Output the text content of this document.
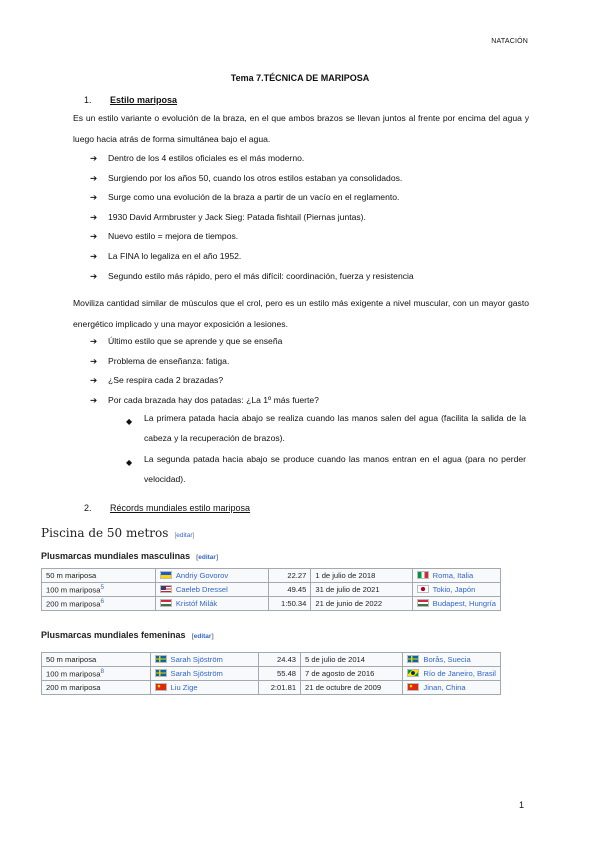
NATACIÓN
Tema 7.TÉCNICA DE MARIPOSA
1. Estilo mariposa
Es un estilo variante o evolución de la braza, en el que ambos brazos se llevan juntos al frente por encima del agua y luego hacia atrás de forma simultánea bajo el agua.
➔ Dentro de los 4 estilos oficiales es el más moderno.
➔ Surgiendo por los años 50, cuando los otros estilos estaban ya consolidados.
➔ Surge como una evolución de la braza a partir de un vacío en el reglamento.
➔ 1930 David Armbruster y Jack Sieg: Patada fishtail (Piernas juntas).
➔ Nuevo estilo = mejora de tiempos.
➔ La FINA lo legaliza en el año 1952.
➔ Segundo estilo más rápido, pero el más difícil: coordinación, fuerza y resistencia
Moviliza cantidad similar de músculos que el crol, pero es un estilo más exigente a nivel muscular, con un mayor gasto energético implicado y una mayor exposición a lesiones.
➔ Último estilo que se aprende y que se enseña
➔ Problema de enseñanza: fatiga.
➔ ¿Se respira cada 2 brazadas?
➔ Por cada brazada hay dos patadas: ¿La 1º más fuerte?
◆ La primera patada hacia abajo se realiza cuando las manos salen del agua (facilita la salida de la cabeza y la recuperación de brazos).
◆ La segunda patada hacia abajo se produce cuando las manos entran en el agua (para no perder velocidad).
2. Récords mundiales estilo mariposa
Piscina de 50 metros [editar]
Plusmarcas mundiales masculinas [editar]
50 m mariposa	Andriy Govorov	22.27	1 de julio de 2018	Roma, Italia
100 m mariposa$^5$	Caeleb Dressel	49.45	31 de julio de 2021	Tokio, Japón
200 m mariposa$^6$	Kristóf Milák	1:50.34	21 de junio de 2022	Budapest, Hungría
Plusmarcas mundiales femeninas [editar]
50 m mariposa	Sarah Sjöström	24.43	5 de julio de 2014	Borås, Suecia
100 m mariposa$^8$	Sarah Sjöström	55.48	7 de agosto de 2016	Río de Janeiro, Brasil
200 m mariposa	Liu Zige	2:01.81	21 de octubre de 2009	Jinan, China
1
